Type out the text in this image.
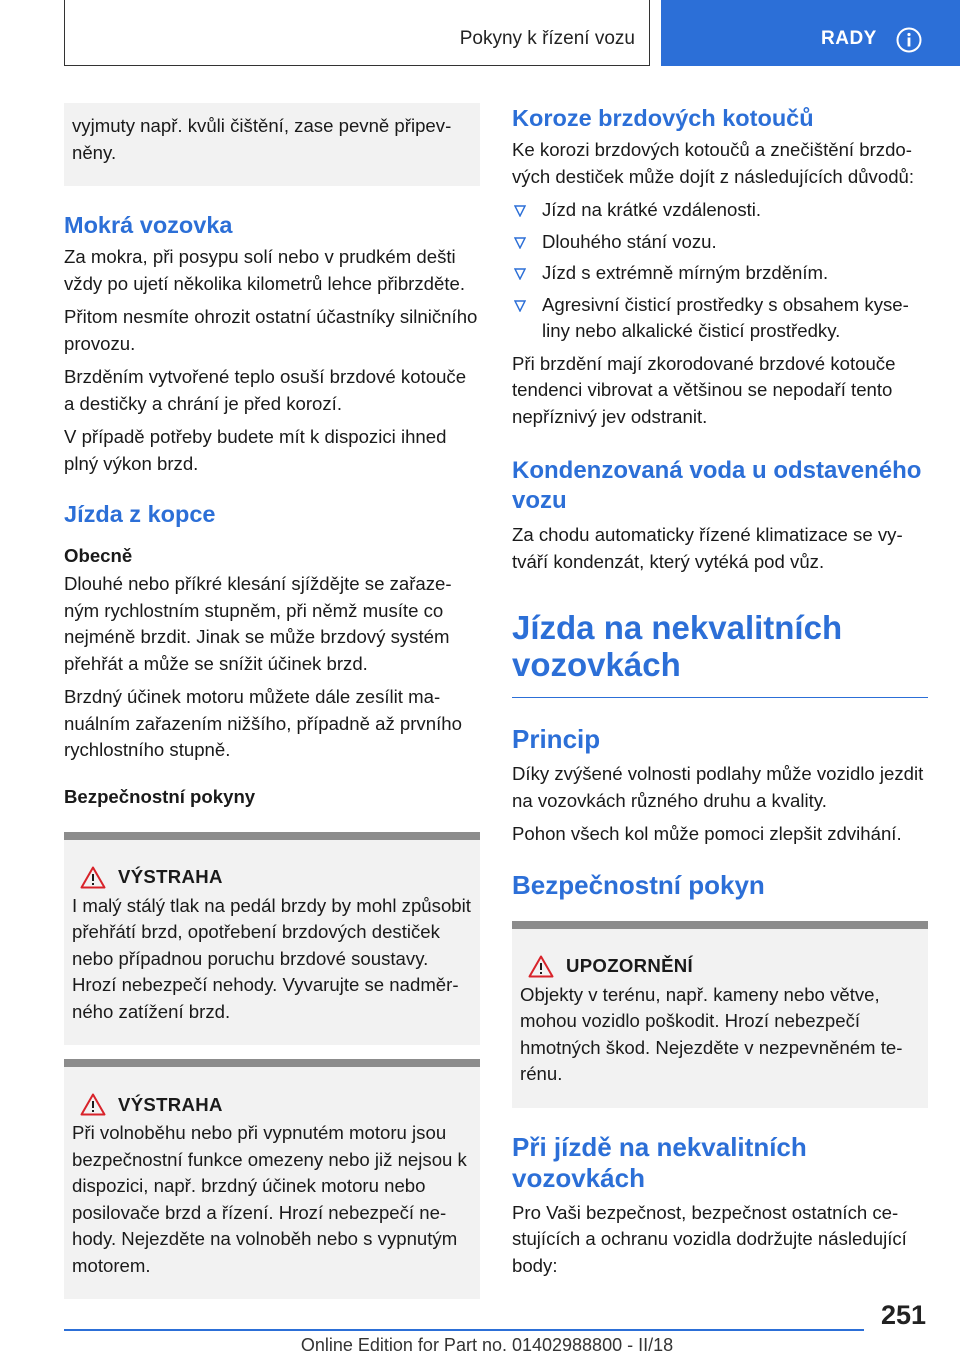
Pokyny k řízení vozu	RADY

vyjmuty např. kvůli čištění, zase pevně připevněny.

Mokrá vozovka

Za mokra, při posypu solí nebo v prudkém dešti vždy po ujetí několika kilometrů lehce přibrzděte.

Přitom nesmíte ohrozit ostatní účastníky silničního provozu.

Brzděním vytvořené teplo osuší brzdové kotouče a destičky a chrání je před korozí.

V případě potřeby budete mít k dispozici ihned plný výkon brzd.

Jízda z kopce
Obecně

Dlouhé nebo příkré klesání sjíždějte se zařazeným rychlostním stupněm, při němž musíte co nejméně brzdit. Jinak se může brzdový systém přehřát a může se snížit účinek brzd.

Brzdný účinek motoru můžete dále zesílit manuálním zařazením nižšího, případně až prvního rychlostního stupně.

Bezpečnostní pokyny
VÝSTRAHA

I malý stálý tlak na pedál brzdy by mohl způsobit přehřátí brzd, opotřebení brzdových destiček nebo případnou poruchu brzdové soustavy. Hrozí nebezpečí nehody. Vyvarujte se nadměrného zatížení brzd.

VÝSTRAHA

Při volnoběhu nebo při vypnutém motoru jsou bezpečnostní funkce omezeny nebo již nejsou k dispozici, např. brzdný účinek motoru nebo posilovače brzd a řízení. Hrozí nebezpečí nehody. Nejezděte na volnoběh nebo s vypnutým motorem.

Koroze brzdových kotoučů

Ke korozi brzdových kotoučů a znečištění brzdových destiček může dojít z následujících důvodů:

Jízd na krátké vzdálenosti.
Dlouhého stání vozu.
Jízd s extrémně mírným brzděním.
Agresivní čisticí prostředky s obsahem kyseliny nebo alkalické čisticí prostředky.

Při brzdění mají zkorodované brzdové kotouče tendenci vibrovat a většinou se nepodaří tento nepříznivý jev odstranit.

Kondenzovaná voda u odstaveného vozu

Za chodu automaticky řízené klimatizace se vytváří kondenzát, který vytéká pod vůz.

Jízda na nekvalitních vozovkách
Princip

Díky zvýšené volnosti podlahy může vozidlo jezdit na vozovkách různého druhu a kvality.

Pohon všech kol může pomoci zlepšit zdvihání.

Bezpečnostní pokyn
UPOZORNĚNÍ

Objekty v terénu, např. kameny nebo větve, mohou vozidlo poškodit. Hrozí nebezpečí hmotných škod. Nejezděte v nezpevněném terénu.

Při jízdě na nekvalitních vozovkách

Pro Vaši bezpečnost, bezpečnost ostatních cestujících a ochranu vozidla dodržujte následující body:

251
Online Edition for Part no. 01402988800 - II/18
